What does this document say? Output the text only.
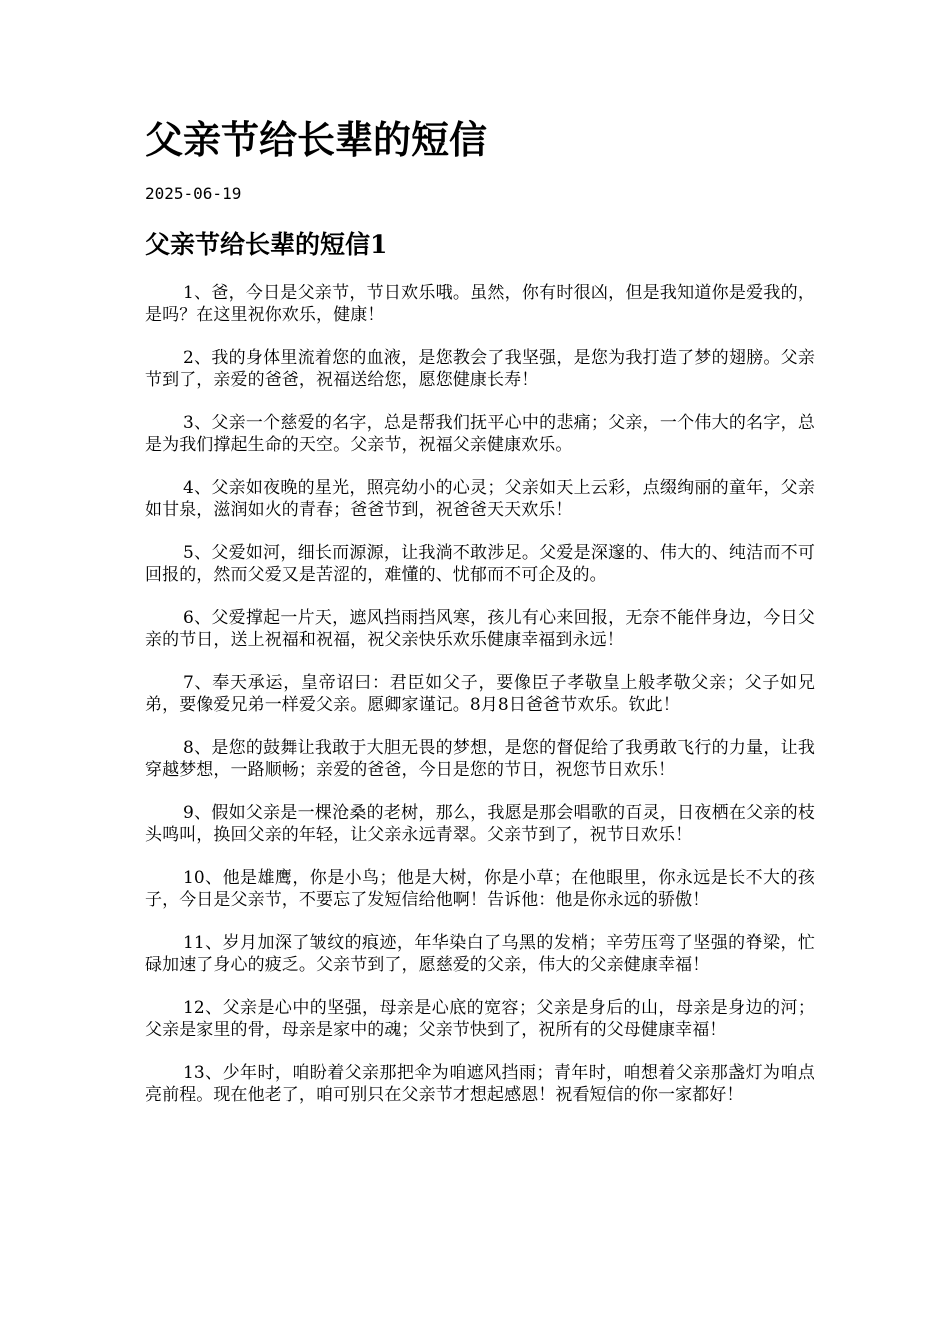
父亲节给长辈的短信
2025-06-19
父亲节给长辈的短信1

1、爸，今日是父亲节，节日欢乐哦。虽然，你有时很凶，但是我知道你是爱我的，是吗？在这里祝你欢乐，健康！

2、我的身体里流着您的血液，是您教会了我坚强，是您为我打造了梦的翅膀。父亲节到了，亲爱的爸爸，祝福送给您，愿您健康长寿！

3、父亲一个慈爱的名字，总是帮我们抚平心中的悲痛；父亲，一个伟大的名字，总是为我们撑起生命的天空。父亲节，祝福父亲健康欢乐。

4、父亲如夜晚的星光，照亮幼小的心灵；父亲如天上云彩，点缀绚丽的童年，父亲如甘泉，滋润如火的青春；爸爸节到，祝爸爸天天欢乐！

5、父爱如河，细长而源源，让我淌不敢涉足。父爱是深邃的、伟大的、纯洁而不可回报的，然而父爱又是苦涩的，难懂的、忧郁而不可企及的。

6、父爱撑起一片天，遮风挡雨挡风寒，孩儿有心来回报，无奈不能伴身边，今日父亲的节日，送上祝福和祝福，祝父亲快乐欢乐健康幸福到永远！

7、奉天承运，皇帝诏曰：君臣如父子，要像臣子孝敬皇上般孝敬父亲；父子如兄弟，要像爱兄弟一样爱父亲。愿卿家谨记。8月8日爸爸节欢乐。钦此！

8、是您的鼓舞让我敢于大胆无畏的梦想，是您的督促给了我勇敢飞行的力量，让我穿越梦想，一路顺畅；亲爱的爸爸，今日是您的节日，祝您节日欢乐！

9、假如父亲是一棵沧桑的老树，那么，我愿是那会唱歌的百灵，日夜栖在父亲的枝头鸣叫，换回父亲的年轻，让父亲永远青翠。父亲节到了，祝节日欢乐！

10、他是雄鹰，你是小鸟；他是大树，你是小草；在他眼里，你永远是长不大的孩子，今日是父亲节，不要忘了发短信给他啊！告诉他：他是你永远的骄傲！

11、岁月加深了皱纹的痕迹，年华染白了乌黑的发梢；辛劳压弯了坚强的脊梁，忙碌加速了身心的疲乏。父亲节到了，愿慈爱的父亲，伟大的父亲健康幸福！

12、父亲是心中的坚强，母亲是心底的宽容；父亲是身后的山，母亲是身边的河；父亲是家里的骨，母亲是家中的魂；父亲节快到了，祝所有的父母健康幸福！

13、少年时，咱盼着父亲那把伞为咱遮风挡雨；青年时，咱想着父亲那盏灯为咱点亮前程。现在他老了，咱可别只在父亲节才想起感恩！祝看短信的你一家都好！
